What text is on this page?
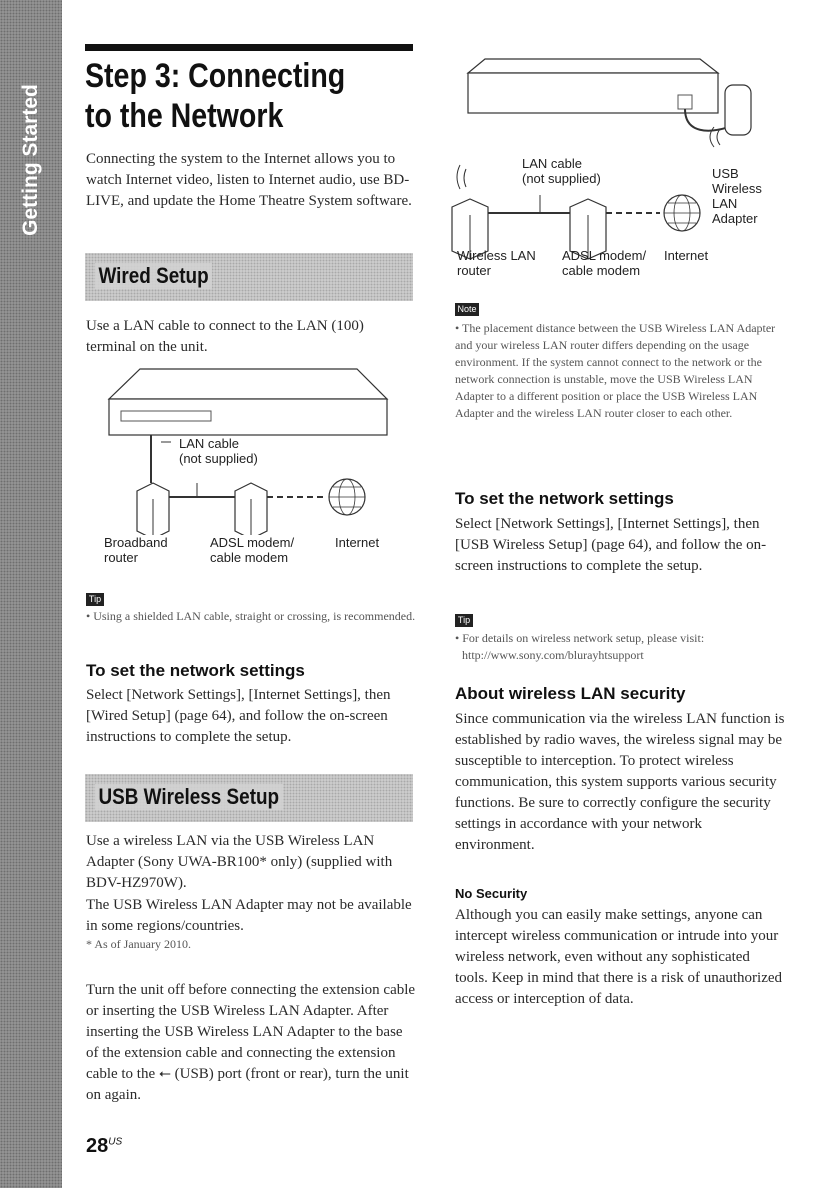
Getting Started
Step 3: Connecting to the Network

Connecting the system to the Internet allows you to watch Internet video, listen to Internet audio, use BD-LIVE, and update the Home Theatre System software.

Wired Setup

Use a LAN cable to connect to the LAN (100) terminal on the unit.

LAN cable
(not supplied)
Broadband router
ADSL modem/ cable modem
Internet
Tip

• Using a shielded LAN cable, straight or crossing, is recommended.

To set the network settings

Select [Network Settings], [Internet Settings], then [Wired Setup] (page 64), and follow the on-screen instructions to complete the setup.

USB Wireless Setup

Use a wireless LAN via the USB Wireless LAN Adapter (Sony UWA-BR100* only) (supplied with BDV-HZ970W).

The USB Wireless LAN Adapter may not be available in some regions/countries.

* As of January 2010.

Turn the unit off before connecting the extension cable or inserting the USB Wireless LAN Adapter. After inserting the USB Wireless LAN Adapter to the base of the extension cable and connecting the extension cable to the ⭠ (USB) port (front or rear), turn the unit on again.

LAN cable
(not supplied)	USB Wireless LAN Adapter
Wireless LAN router
ADSL modem/ cable modem
Internet
Note

• The placement distance between the USB Wireless LAN Adapter and your wireless LAN router differs depending on the usage environment. If the system cannot connect to the network or the network connection is unstable, move the USB Wireless LAN Adapter to a different position or place the USB Wireless LAN Adapter and the wireless LAN router closer to each other.

To set the network settings

Select [Network Settings], [Internet Settings], then [USB Wireless Setup] (page 64), and follow the on-screen instructions to complete the setup.

Tip

• For details on wireless network setup, please visit:

http://www.sony.com/blurayhtsupport

About wireless LAN security

Since communication via the wireless LAN function is established by radio waves, the wireless signal may be susceptible to interception. To protect wireless communication, this system supports various security functions. Be sure to correctly configure the security settings in accordance with your network environment.

No Security

Although you can easily make settings, anyone can intercept wireless communication or intrude into your wireless network, even without any sophisticated tools. Keep in mind that there is a risk of unauthorized access or interception of data.

$28^{US}$
